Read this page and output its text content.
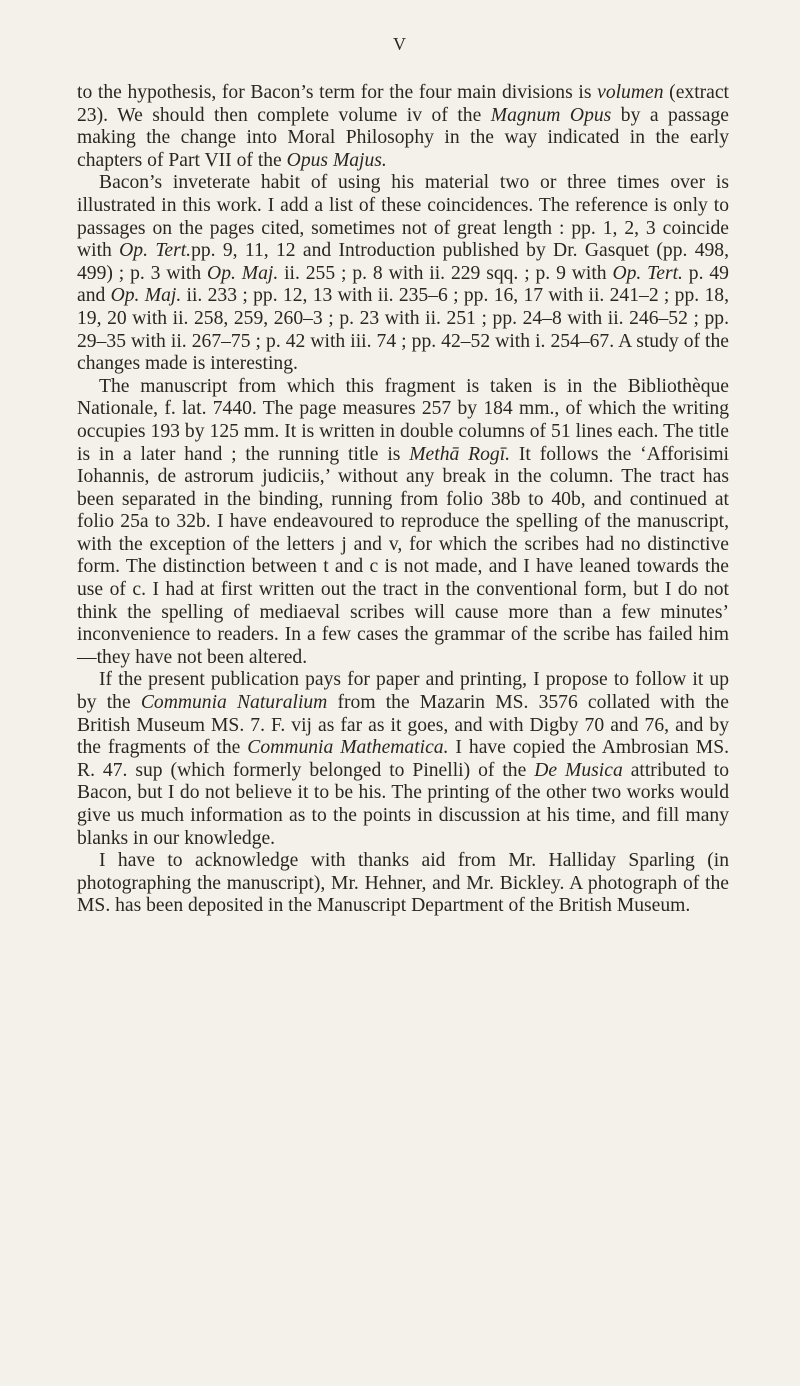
V

to the hypothesis, for Bacon’s term for the four main divisions is volumen (extract 23). We should then complete volume iv of the Magnum Opus by a passage making the change into Moral Philosophy in the way indicated in the early chapters of Part VII of the Opus Majus.

Bacon’s inveterate habit of using his material two or three times over is illustrated in this work. I add a list of these coincidences. The reference is only to passages on the pages cited, sometimes not of great length : pp. 1, 2, 3 coincide with Op. Tert.pp. 9, 11, 12 and Introduction published by Dr. Gasquet (pp. 498, 499) ; p. 3 with Op. Maj. ii. 255 ; p. 8 with ii. 229 sqq. ; p. 9 with Op. Tert. p. 49 and Op. Maj. ii. 233 ; pp. 12, 13 with ii. 235–6 ; pp. 16, 17 with ii. 241–2 ; pp. 18, 19, 20 with ii. 258, 259, 260–3 ; p. 23 with ii. 251 ; pp. 24–8 with ii. 246–52 ; pp. 29–35 with ii. 267–75 ; p. 42 with iii. 74 ; pp. 42–52 with i. 254–67. A study of the changes made is interesting.

The manuscript from which this fragment is taken is in the Bibliothèque Nationale, f. lat. 7440. The page measures 257 by 184 mm., of which the writing occupies 193 by 125 mm. It is written in double columns of 51 lines each. The title is in a later hand ; the running title is Methā Rogī. It follows the ‘Afforisimi Iohannis, de astrorum judiciis,’ without any break in the column. The tract has been separated in the binding, running from folio 38b to 40b, and continued at folio 25a to 32b. I have endeavoured to reproduce the spelling of the manuscript, with the exception of the letters j and v, for which the scribes had no distinctive form. The distinction between t and c is not made, and I have leaned towards the use of c. I had at first written out the tract in the conventional form, but I do not think the spelling of mediaeval scribes will cause more than a few minutes’ inconvenience to readers. In a few cases the grammar of the scribe has failed him—they have not been altered.

If the present publication pays for paper and printing, I propose to follow it up by the Communia Naturalium from the Mazarin MS. 3576 collated with the British Museum MS. 7. F. vij as far as it goes, and with Digby 70 and 76, and by the fragments of the Communia Mathematica. I have copied the Ambrosian MS. R. 47. sup (which formerly belonged to Pinelli) of the De Musica attributed to Bacon, but I do not believe it to be his. The printing of the other two works would give us much information as to the points in discussion at his time, and fill many blanks in our knowledge.

I have to acknowledge with thanks aid from Mr. Halliday Sparling (in photographing the manuscript), Mr. Hehner, and Mr. Bickley. A photograph of the MS. has been deposited in the Manuscript Department of the British Museum.
